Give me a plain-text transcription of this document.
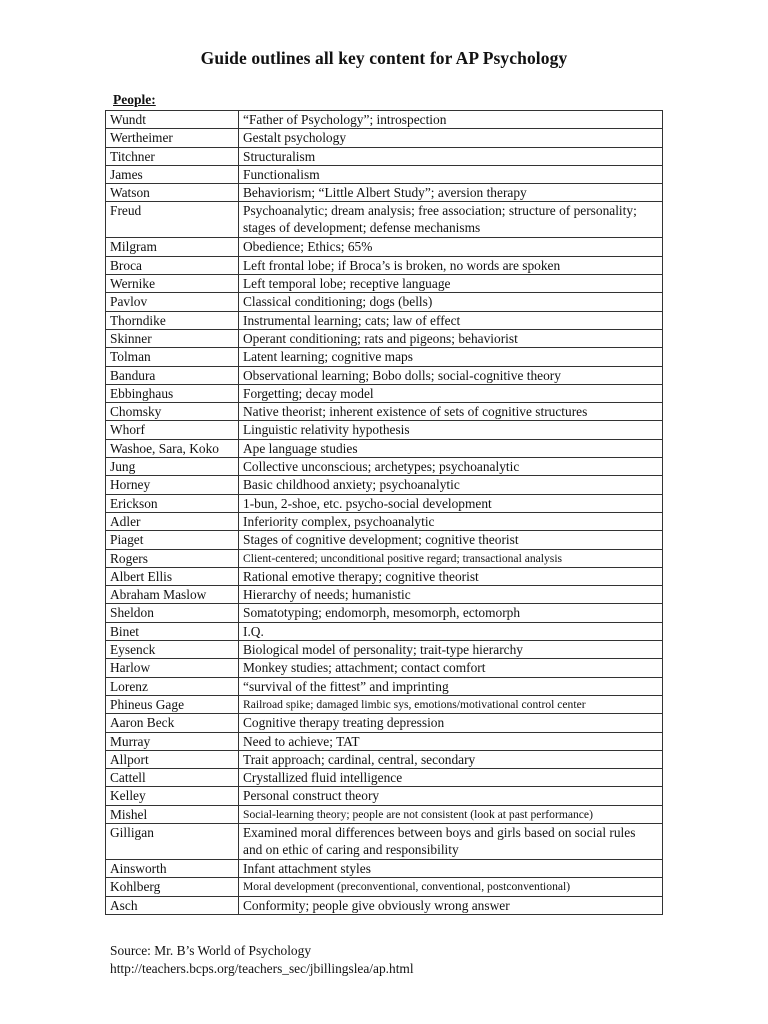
Guide outlines all key content for AP Psychology
People:
Wundt	“Father of Psychology”; introspection
Wertheimer	Gestalt psychology
Titchner	Structuralism
James	Functionalism
Watson	Behaviorism; “Little Albert Study”; aversion therapy
Freud	Psychoanalytic; dream analysis; free association; structure of personality; stages of development; defense mechanisms
Milgram	Obedience; Ethics; 65%
Broca	Left frontal lobe; if Broca’s is broken, no words are spoken
Wernike	Left temporal lobe; receptive language
Pavlov	Classical conditioning; dogs (bells)
Thorndike	Instrumental learning; cats; law of effect
Skinner	Operant conditioning; rats and pigeons; behaviorist
Tolman	Latent learning; cognitive maps
Bandura	Observational learning; Bobo dolls; social-cognitive theory
Ebbinghaus	Forgetting; decay model
Chomsky	Native theorist; inherent existence of sets of cognitive structures
Whorf	Linguistic relativity hypothesis
Washoe, Sara, Koko	Ape language studies
Jung	Collective unconscious; archetypes; psychoanalytic
Horney	Basic childhood anxiety; psychoanalytic
Erickson	1-bun, 2-shoe, etc. psycho-social development
Adler	Inferiority complex, psychoanalytic
Piaget	Stages of cognitive development; cognitive theorist
Rogers	Client-centered; unconditional positive regard; transactional analysis
Albert Ellis	Rational emotive therapy; cognitive theorist
Abraham Maslow	Hierarchy of needs; humanistic
Sheldon	Somatotyping; endomorph, mesomorph, ectomorph
Binet	I.Q.
Eysenck	Biological model of personality; trait-type hierarchy
Harlow	Monkey studies; attachment; contact comfort
Lorenz	“survival of the fittest” and imprinting
Phineus Gage	Railroad spike; damaged limbic sys, emotions/motivational control center
Aaron Beck	Cognitive therapy treating depression
Murray	Need to achieve; TAT
Allport	Trait approach; cardinal, central, secondary
Cattell	Crystallized fluid intelligence
Kelley	Personal construct theory
Mishel	Social-learning theory; people are not consistent (look at past performance)
Gilligan	Examined moral differences between boys and girls based on social rules and on ethic of caring and responsibility
Ainsworth	Infant attachment styles
Kohlberg	Moral development (preconventional, conventional, postconventional)
Asch	Conformity; people give obviously wrong answer
Source: Mr. B’s World of Psychology
http://teachers.bcps.org/teachers_sec/jbillingslea/ap.html
